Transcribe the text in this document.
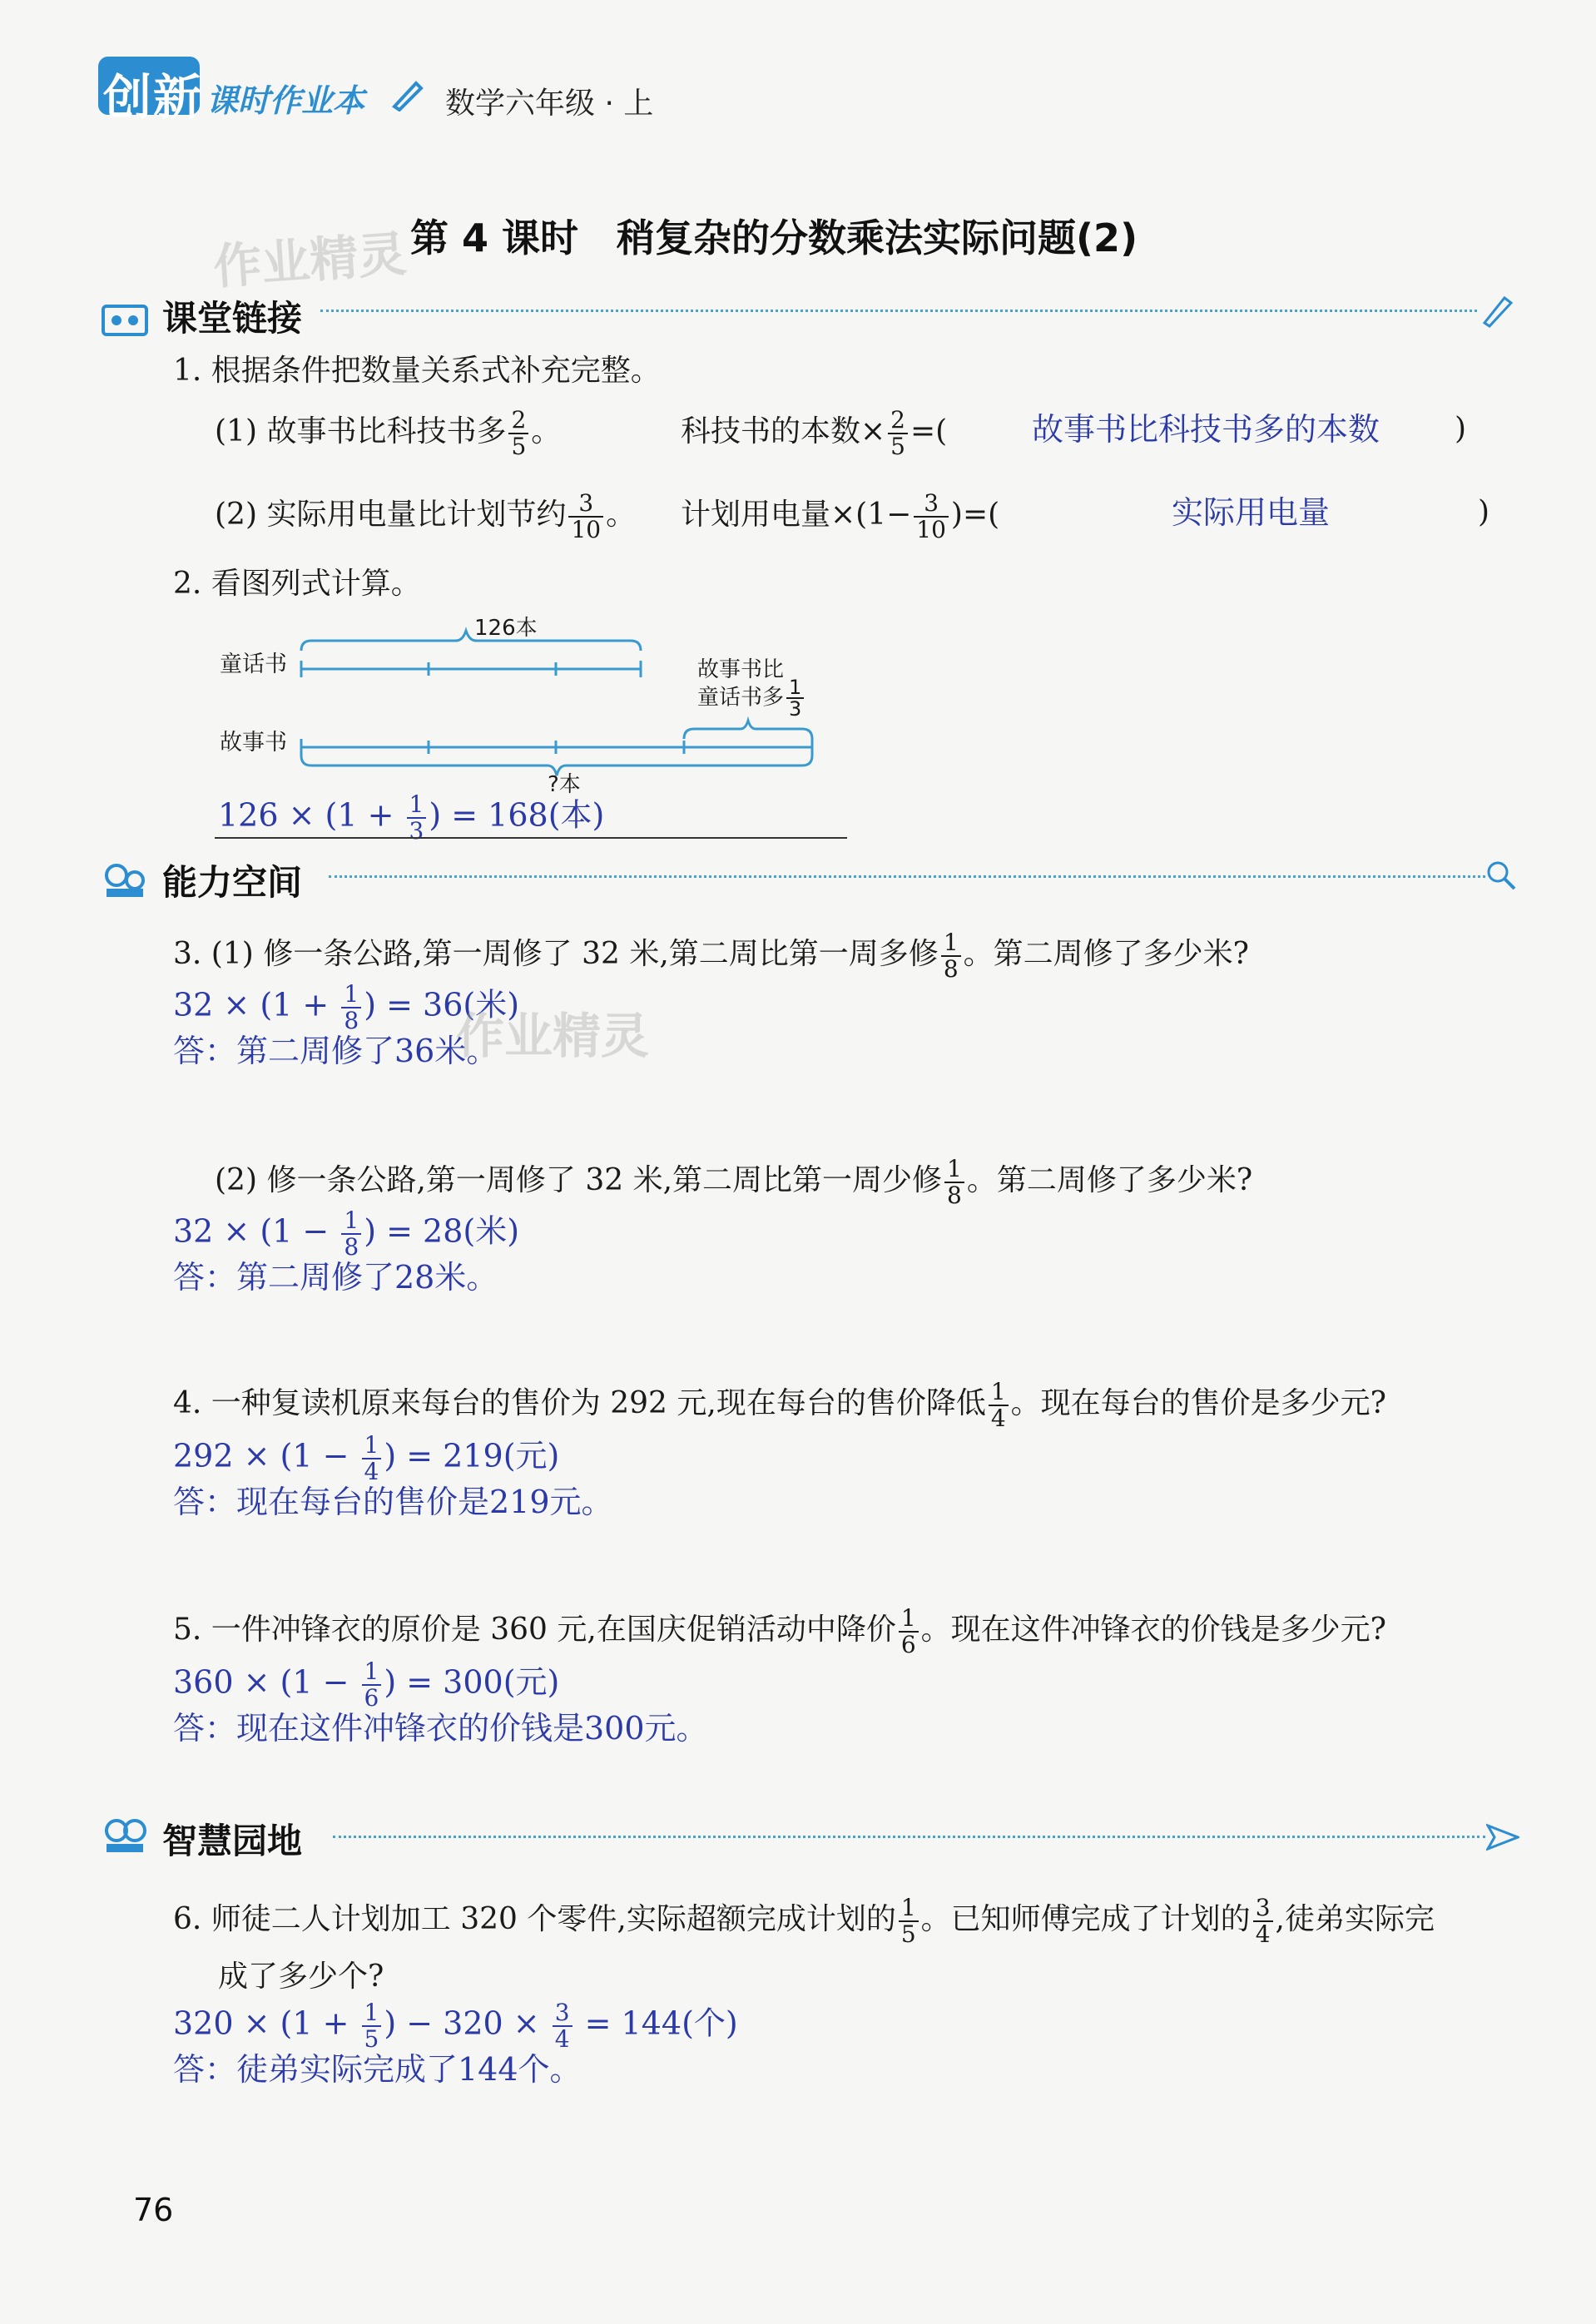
创新 课时作业本	数学六年级 · 上
作业精灵 第 4 课时　稍复杂的分数乘法实际问题(2)
课堂链接
1. 根据条件把数量关系式补充完整。
(1) 故事书比科技书多 $\frac{2}{5}$ 。	科技书的本数× $\frac{2}{5}$ =(	故事书比科技书多的本数 )
(2) 实际用电量比计划节约 $\frac{3}{10}$ 。 计划用电量$\times(1- \frac{3}{10}$ )=(	实际用电量	)
2. 看图列式计算。
126本
童话书
故事书
故事书比
童话书多 $\frac{1}{3}$
?本
$126 \times (1 + \frac{1}{3}$ ) = 168(本)
能力空间
3. (1) 修一条公路,第一周修了 32 米,第二周比第一周多修 $\frac{1}{8}$ 。第二周修了多少米?
$32 \times (1 + \frac{1}{8}$ ) = 36(米)
答：第二周修了36米。
作业精灵
(2) 修一条公路,第一周修了 32 米,第二周比第一周少修 $\frac{1}{8}$ 。第二周修了多少米?
$32 \times (1 - \frac{1}{8}$ ) = 28(米)
答：第二周修了28米。
4. 一种复读机原来每台的售价为 292 元,现在每台的售价降低 $\frac{1}{4}$ 。现在每台的售价是多少元?
$292 \times (1 - \frac{1}{4}$ ) = 219(元)
答：现在每台的售价是219元。
5. 一件冲锋衣的原价是 360 元,在国庆促销活动中降价 $\frac{1}{6}$ 。现在这件冲锋衣的价钱是多少元?
$360 \times (1 - \frac{1}{6}$ ) = 300(元)
答：现在这件冲锋衣的价钱是300元。
智慧园地
6. 师徒二人计划加工 320 个零件,实际超额完成计划的 $\frac{1}{5}$ 。已知师傅完成了计划的 $\frac{3}{4}$ ,徒弟实际完
成了多少个?
$320 \times (1 + \frac{1}{5}$ ) − $320 \times \frac{3}{4} = 144$(个)
答：徒弟实际完成了144个。
76
